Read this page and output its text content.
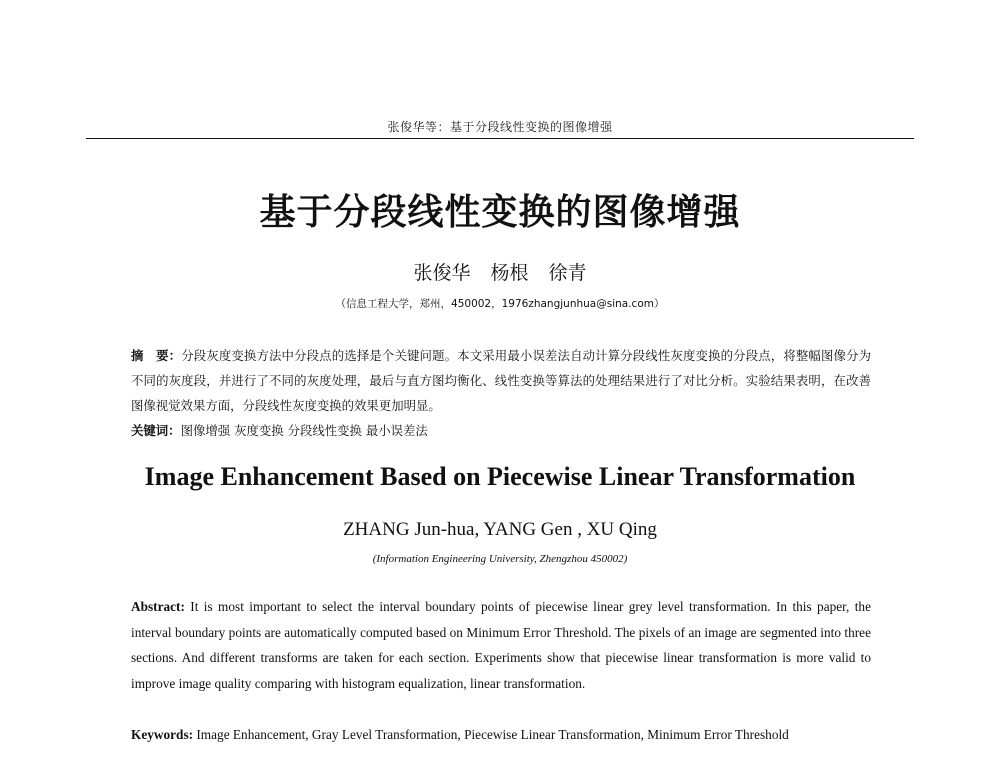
张俊华等：基于分段线性变换的图像增强
基于分段线性变换的图像增强
张俊华 杨根 徐青
（信息工程大学，郑州，450002，1976zhangjunhua@sina.com）
摘　要：分段灰度变换方法中分段点的选择是个关键问题。本文采用最小误差法自动计算分段线性灰度变换的分段点，将整幅图像分为不同的灰度段，并进行了不同的灰度处理，最后与直方图均衡化、线性变换等算法的处理结果进行了对比分析。实验结果表明，在改善图像视觉效果方面，分段线性灰度变换的效果更加明显。
关键词：图像增强 灰度变换 分段线性变换 最小误差法
Image Enhancement Based on Piecewise Linear Transformation
ZHANG Jun-hua, YANG Gen , XU Qing
(Information Engineering University, Zhengzhou 450002)
Abstract: It is most important to select the interval boundary points of piecewise linear grey level transformation. In this paper, the interval boundary points are automatically computed based on Minimum Error Threshold. The pixels of an image are segmented into three sections. And different transforms are taken for each section. Experiments show that piecewise linear transformation is more valid to improve image quality comparing with histogram equalization, linear transformation.
Keywords: Image Enhancement, Gray Level Transformation, Piecewise Linear Transformation, Minimum Error Threshold
